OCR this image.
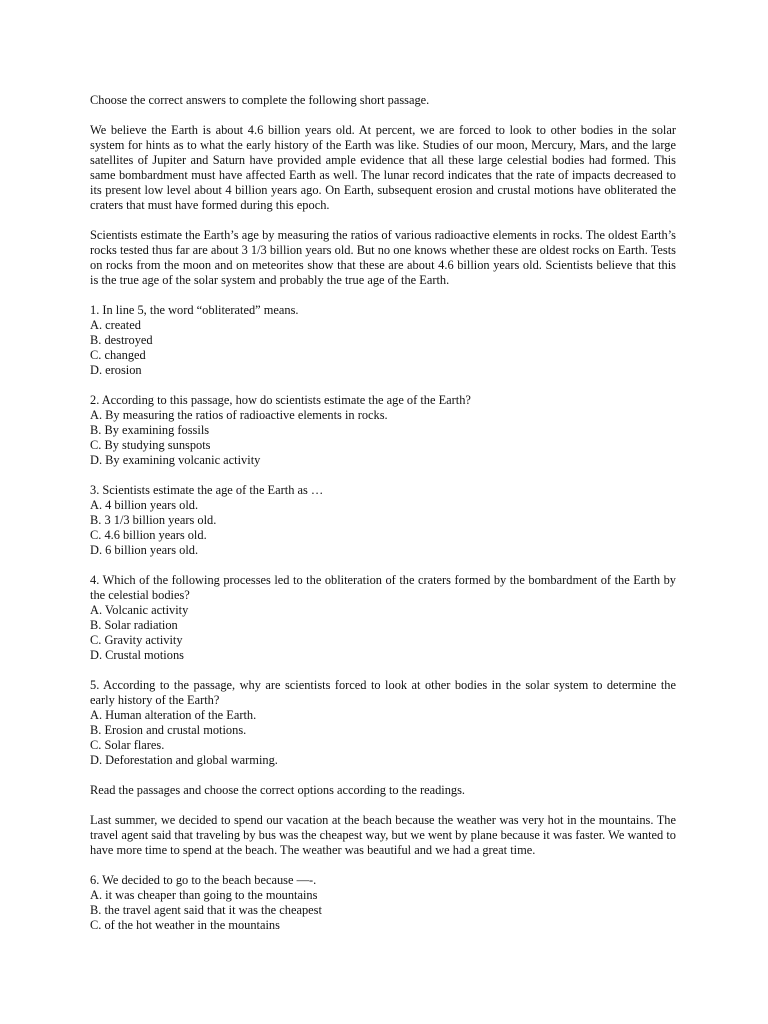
Choose the correct answers to complete the following short passage.
We believe the Earth is about 4.6 billion years old. At percent, we are forced to look to other bodies in the solar system for hints as to what the early history of the Earth was like. Studies of our moon, Mercury, Mars, and the large satellites of Jupiter and Saturn have provided ample evidence that all these large celestial bodies had formed. This same bombardment must have affected Earth as well. The lunar record indicates that the rate of impacts decreased to its present low level about 4 billion years ago. On Earth, subsequent erosion and crustal motions have obliterated the craters that must have formed during this epoch.
Scientists estimate the Earth’s age by measuring the ratios of various radioactive elements in rocks. The oldest Earth’s rocks tested thus far are about 3 1/3 billion years old. But no one knows whether these are oldest rocks on Earth. Tests on rocks from the moon and on meteorites show that these are about 4.6 billion years old. Scientists believe that this is the true age of the solar system and probably the true age of the Earth.
1. In line 5, the word “obliterated” means.
A. created
B. destroyed
C. changed
D. erosion
2. According to this passage, how do scientists estimate the age of the Earth?
A. By measuring the ratios of radioactive elements in rocks.
B. By examining fossils
C. By studying sunspots
D. By examining volcanic activity
3. Scientists estimate the age of the Earth as …
A. 4 billion years old.
B. 3 1/3 billion years old.
C. 4.6 billion years old.
D. 6 billion years old.
4. Which of the following processes led to the obliteration of the craters formed by the bombardment of the Earth by the celestial bodies?
A. Volcanic activity
B. Solar radiation
C. Gravity activity
D. Crustal motions
5. According to the passage, why are scientists forced to look at other bodies in the solar system to determine the early history of the Earth?
A. Human alteration of the Earth.
B. Erosion and crustal motions.
C. Solar flares.
D. Deforestation and global warming.
Read the passages and choose the correct options according to the readings.
Last summer, we decided to spend our vacation at the beach because the weather was very hot in the mountains. The travel agent said that traveling by bus was the cheapest way, but we went by plane because it was faster. We wanted to have more time to spend at the beach. The weather was beautiful and we had a great time.
6. We decided to go to the beach because —-.
A. it was cheaper than going to the mountains
B. the travel agent said that it was the cheapest
C. of the hot weather in the mountains
